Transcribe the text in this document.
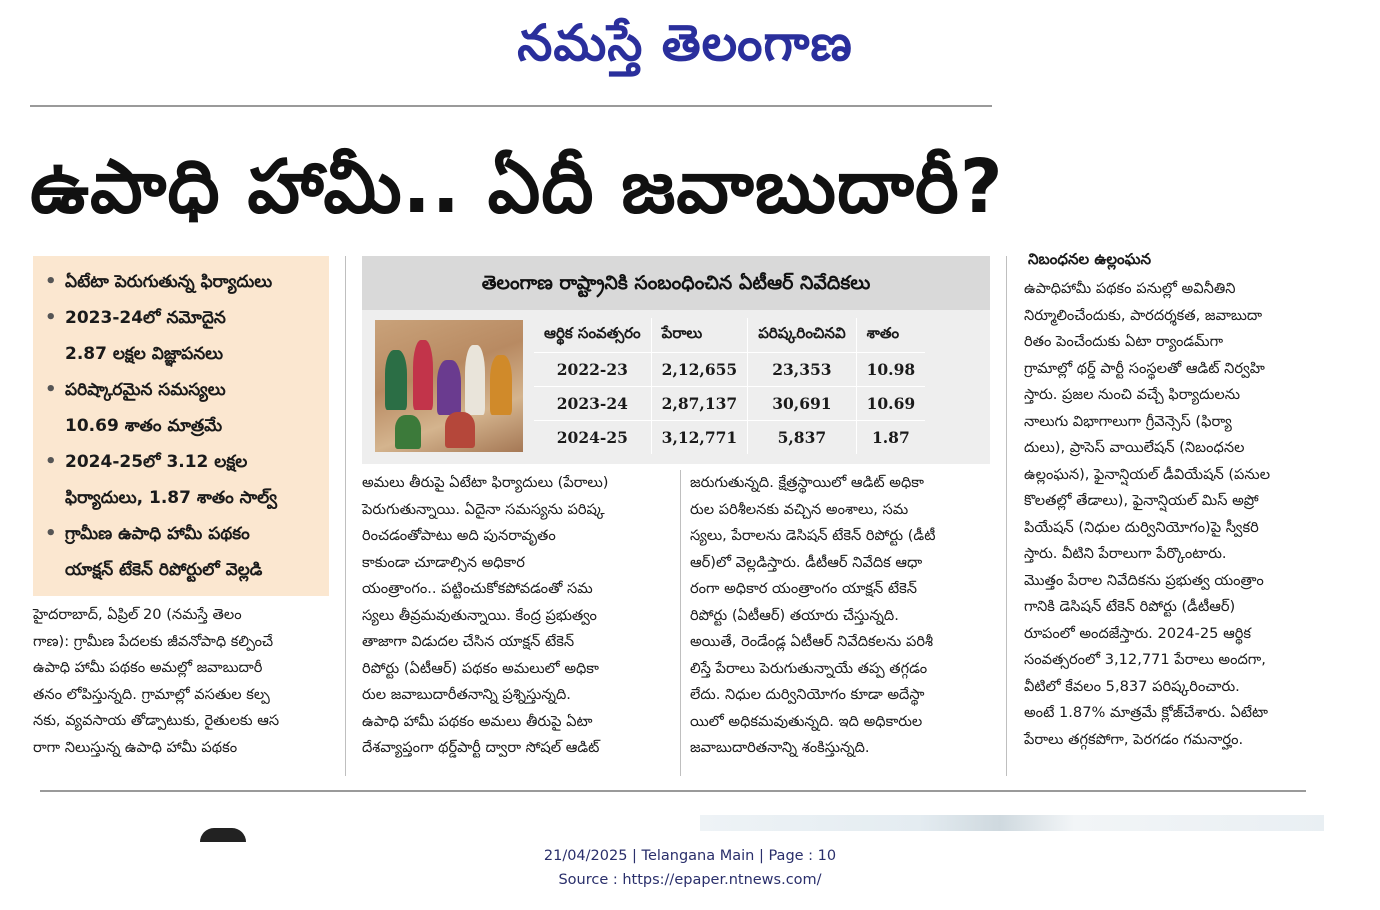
నమస్తే తెలంగాణ
ఉపాధి హామీ.. ఏదీ జవాబుదారీ?
• ఏటేటా పెరుగుతున్న ఫిర్యాదులు
• 2023-24లో నమోదైన
2.87 లక్షల విజ్ఞాపనలు
• పరిష్కారమైన సమస్యలు
10.69 శాతం మాత్రమే
• 2024-25లో 3.12 లక్షల
ఫిర్యాదులు, 1.87 శాతం సాల్వ్
• గ్రామీణ ఉపాధి హామీ పథకం
యాక్షన్ టేకెన్ రిపోర్టులో వెల్లడి
తెలంగాణ రాష్ట్రానికి సంబంధించిన ఏటీఆర్ నివేదికలు
ఆర్థిక సంవత్సరం	పేరాలు	పరిష్కరించినవి	శాతం
2022-23	2,12,655	23,353	10.98
2023-24	2,87,137	30,691	10.69
2024-25	3,12,771	5,837	1.87

హైదరాబాద్, ఏప్రిల్ 20 (నమస్తే తెలం

గాణ): గ్రామీణ పేదలకు జీవనోపాధి కల్పించే

ఉపాధి హామీ పథకం అమల్లో జవాబుదారీ

తనం లోపిస్తున్నది. గ్రామాల్లో వసతుల కల్ప

నకు, వ్యవసాయ తోడ్పాటుకు, రైతులకు ఆస

రాగా నిలుస్తున్న ఉపాధి హామీ పథకం

అమలు తీరుపై ఏటేటా ఫిర్యాదులు (పేరాలు)

పెరుగుతున్నాయి. ఏదైనా సమస్యను పరిష్క

రించడంతోపాటు అది పునరావృతం

కాకుండా చూడాల్సిన అధికార

యంత్రాంగం.. పట్టించుకోకపోవడంతో సమ

స్యలు తీవ్రమవుతున్నాయి. కేంద్ర ప్రభుత్వం

తాజాగా విడుదల చేసిన యాక్షన్ టేకెన్

రిపోర్టు (ఏటీఆర్) పథకం అమలులో అధికా

రుల జవాబుదారీతనాన్ని ప్రశ్నిస్తున్నది.

ఉపాధి హామీ పథకం అమలు తీరుపై ఏటా

దేశవ్యాప్తంగా థర్డ్‌పార్టీ ద్వారా సోషల్ ఆడిట్

జరుగుతున్నది. క్షేత్రస్థాయిలో ఆడిట్ అధికా

రుల పరిశీలనకు వచ్చిన అంశాలు, సమ

స్యలు, పేరాలను డెసిషన్ టేకెన్ రిపోర్టు (డీటీ

ఆర్)లో వెల్లడిస్తారు. డీటీఆర్ నివేదిక ఆధా

రంగా అధికార యంత్రాంగం యాక్షన్ టేకెన్

రిపోర్టు (ఏటీఆర్) తయారు చేస్తున్నది.

అయితే, రెండేండ్ల ఏటీఆర్ నివేదికలను పరిశీ

లిస్తే పేరాలు పెరుగుతున్నాయే తప్ప తగ్గడం

లేదు. నిధుల దుర్వినియోగం కూడా అదేస్థా

యిలో అధికమవుతున్నది. ఇది అధికారుల

జవాబుదారితనాన్ని శంకిస్తున్నది.

నిబంధనల ఉల్లంఘన

ఉపాధిహామీ పథకం పనుల్లో అవినీతిని

నిర్మూలించేందుకు, పారదర్శకత, జవాబుదా

రితం పెంచేందుకు ఏటా ర్యాండమ్‌గా

గ్రామాల్లో థర్డ్ పార్టీ సంస్థలతో ఆడిట్ నిర్వహి

స్తారు. ప్రజల నుంచి వచ్చే ఫిర్యాదులను

నాలుగు విభాగాలుగా గ్రీవెన్సెస్ (ఫిర్యా

దులు), ప్రాసెస్ వాయిలేషన్ (నిబంధనల

ఉల్లంఘన), ఫైనాన్షియల్ డీవియేషన్ (పనుల

కొలతల్లో తేడాలు), ఫైనాన్షియల్ మిస్ అప్రో

పియేషన్ (నిధుల దుర్వినియోగం)పై స్వీకరి

స్తారు. వీటిని పేరాలుగా పేర్కొంటారు.

మొత్తం పేరాల నివేదికను ప్రభుత్వ యంత్రాం

గానికి డెసిషన్ టేకెన్ రిపోర్టు (డీటీఆర్)

రూపంలో అందజేస్తారు. 2024-25 ఆర్థిక

సంవత్సరంలో 3,12,771 పేరాలు అందగా,

వీటిలో కేవలం 5,837 పరిష్కరించారు.

అంటే 1.87% మాత్రమే క్లోజ్‌చేశారు. ఏటేటా

పేరాలు తగ్గకపోగా, పెరగడం గమనార్హం.

21/04/2025 | Telangana Main | Page : 10
Source : https://epaper.ntnews.com/
